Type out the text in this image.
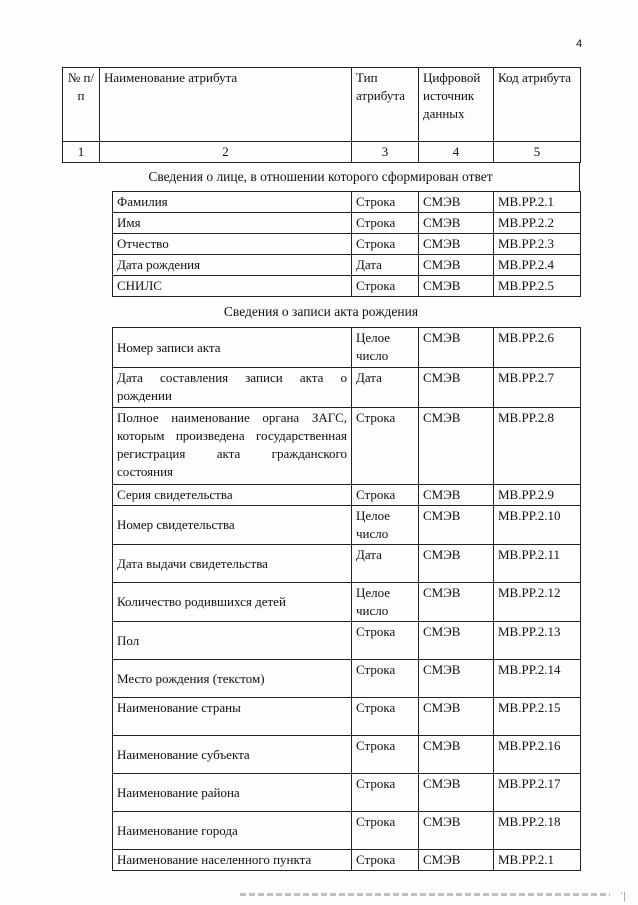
4
№ п/п	Наименование атрибута	Тип атрибута	Цифровой источник данных	Код атрибута
1	2	3	4	5
Сведения о лице, в отношении которого сформирован ответ
Фамилия	Строка	СМЭВ	MB.PP.2.1
Имя	Строка	СМЭВ	MB.PP.2.2
Отчество	Строка	СМЭВ	MB.PP.2.3
Дата рождения	Дата	СМЭВ	MB.PP.2.4
СНИЛС	Строка	СМЭВ	MB.PP.2.5
Сведения о записи акта рождения
Номер записи акта	Целое число	СМЭВ	MB.PP.2.6
Дата составления записи акта о рождении	Дата	СМЭВ	MB.PP.2.7
Полное наименование органа ЗАГС, которым произведена государственная регистрация акта гражданского состояния	Строка	СМЭВ	MB.PP.2.8
Серия свидетельства	Строка	СМЭВ	MB.PP.2.9
Номер свидетельства	Целое число	СМЭВ	MB.PP.2.10
Дата выдачи свидетельства	Дата	СМЭВ	MB.PP.2.11
Количество родившихся детей	Целое число	СМЭВ	MB.PP.2.12
Пол	Строка	СМЭВ	MB.PP.2.13
Место рождения (текстом)	Строка	СМЭВ	MB.PP.2.14
Наименование страны	Строка	СМЭВ	MB.PP.2.15
Наименование субъекта	Строка	СМЭВ	MB.PP.2.16
Наименование района	Строка	СМЭВ	MB.PP.2.17
Наименование города	Строка	СМЭВ	MB.PP.2.18
Наименование населенного пункта	Строка	СМЭВ	MB.PP.2.1
ˈ|
